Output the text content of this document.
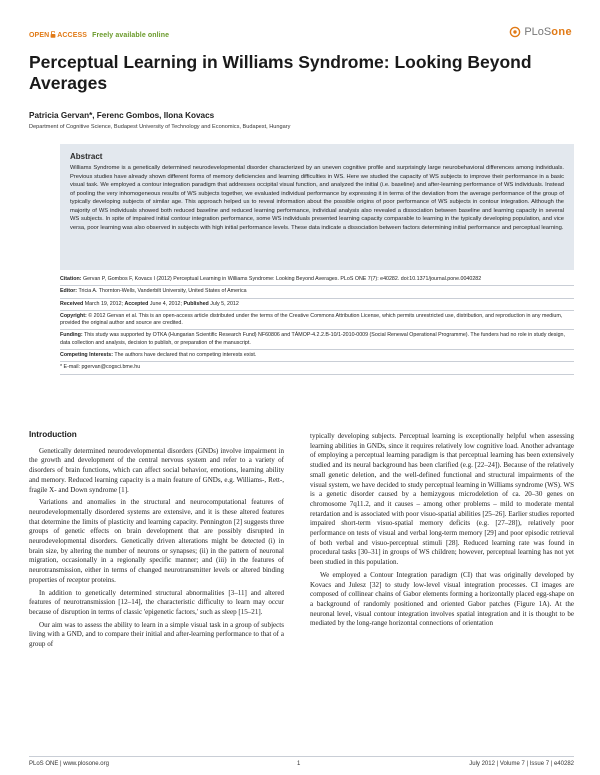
OPEN ACCESS Freely available online	PLoS one
Perceptual Learning in Williams Syndrome: Looking Beyond Averages
Patricia Gervan*, Ferenc Gombos, Ilona Kovacs
Department of Cognitive Science, Budapest University of Technology and Economics, Budapest, Hungary
Abstract
Williams Syndrome is a genetically determined neurodevelopmental disorder characterized by an uneven cognitive profile and surprisingly large neurobehavioral differences among individuals. Previous studies have already shown different forms of memory deficiencies and learning difficulties in WS. Here we studied the capacity of WS subjects to improve their performance in a basic visual task. We employed a contour integration paradigm that addresses occipital visual function, and analyzed the initial (i.e. baseline) and after-learning performance of WS individuals. Instead of pooling the very inhomogeneous results of WS subjects together, we evaluated individual performance by expressing it in terms of the deviation from the average performance of the group of typically developing subjects of similar age. This approach helped us to reveal information about the possible origins of poor performance of WS subjects in contour integration. Although the majority of WS individuals showed both reduced baseline and reduced learning performance, individual analysis also revealed a dissociation between baseline and learning capacity in several WS subjects. In spite of impaired initial contour integration performance, some WS individuals presented learning capacity comparable to learning in the typically developing population, and vice versa, poor learning was also observed in subjects with high initial performance levels. These data indicate a dissociation between factors determining initial performance and perceptual learning.
Citation: Gervan P, Gombos F, Kovacs I (2012) Perceptual Learning in Williams Syndrome: Looking Beyond Averages. PLoS ONE 7(7): e40282. doi:10.1371/journal.pone.0040282
Editor: Tricia A. Thornton-Wells, Vanderbilt University, United States of America
Received March 19, 2012; Accepted June 4, 2012; Published July 5, 2012
Copyright: © 2012 Gervan et al. This is an open-access article distributed under the terms of the Creative Commons Attribution License, which permits unrestricted use, distribution, and reproduction in any medium, provided the original author and source are credited.
Funding: This study was supported by OTKA (Hungarian Scientific Research Fund) NF60806 and TÁMOP-4.2.2.B-10/1-2010-0009 (Social Renewal Operational Programme). The funders had no role in study design, data collection and analysis, decision to publish, or preparation of the manuscript.
Competing Interests: The authors have declared that no competing interests exist.
* E-mail: pgervan@cogsci.bme.hu
Introduction

Genetically determined neurodevelopmental disorders (GNDs) involve impairment in the growth and development of the central nervous system and refer to a variety of disorders of brain functions, which can affect social behavior, emotions, learning ability and memory. Reduced learning capacity is a main feature of GNDs, e.g. Williams-, Rett-, fragile X- and Down syndrome [1].

Variations and anomalies in the structural and neurocomputational features of neurodevelopmentally disordered systems are extensive, and it is these altered features that determine the limits of plasticity and learning capacity. Pennington [2] suggests three groups of genetic effects on brain development that are possibly disrupted in neurodevelopmental disorders. Genetically driven alterations might be detected (i) in brain size, by altering the number of neurons or synapses; (ii) in the pattern of neuronal migration, occasionally in a regionally specific manner; and (iii) in the features of neurotransmission, either in terms of changed neurotransmitter levels or altered binding properties of receptor proteins.

In addition to genetically determined structural abnormalities [3–11] and altered features of neurotransmission [12–14], the characteristic difficulty to learn may occur because of disruption in terms of classic 'epigenetic factors,' such as sleep [15–21].

Our aim was to assess the ability to learn in a simple visual task in a group of subjects living with a GND, and to compare their initial and after-learning performance to that of a group of

typically developing subjects. Perceptual learning is exceptionally helpful when assessing learning abilities in GNDs, since it requires relatively low cognitive load. Another advantage of employing a perceptual learning paradigm is that perceptual learning has been extensively studied and its neural background has been clarified (e.g. [22–24]). Because of the relatively small genetic deletion, and the well-defined functional and structural impairments of the visual system, we have decided to study perceptual learning in Williams syndrome (WS). WS is a genetic disorder caused by a hemizygous microdeletion of ca. 20–30 genes on chromosome 7q11.2, and it causes – among other problems – mild to moderate mental retardation and is associated with poor visuo-spatial abilities [25–26]. Earlier studies reported impaired short-term visuo-spatial memory deficits (e.g. [27–28]), relatively poor performance on tests of visual and verbal long-term memory [29] and poor episodic retrieval of both verbal and visuo-perceptual stimuli [28]. Reduced learning rate was found in procedural tasks [30–31] in groups of WS children; however, perceptual learning has not yet been studied in this population.

We employed a Contour Integration paradigm (CI) that was originally developed by Kovacs and Julesz [32] to study low-level visual integration processes. CI images are composed of collinear chains of Gabor elements forming a horizontally placed egg-shape on a background of randomly positioned and oriented Gabor patches (Figure 1A). At the neuronal level, visual contour integration involves spatial integration and it is thought to be mediated by the long-range horizontal connections of orientation

PLoS ONE | www.plosone.org	1	July 2012 | Volume 7 | Issue 7 | e40282
